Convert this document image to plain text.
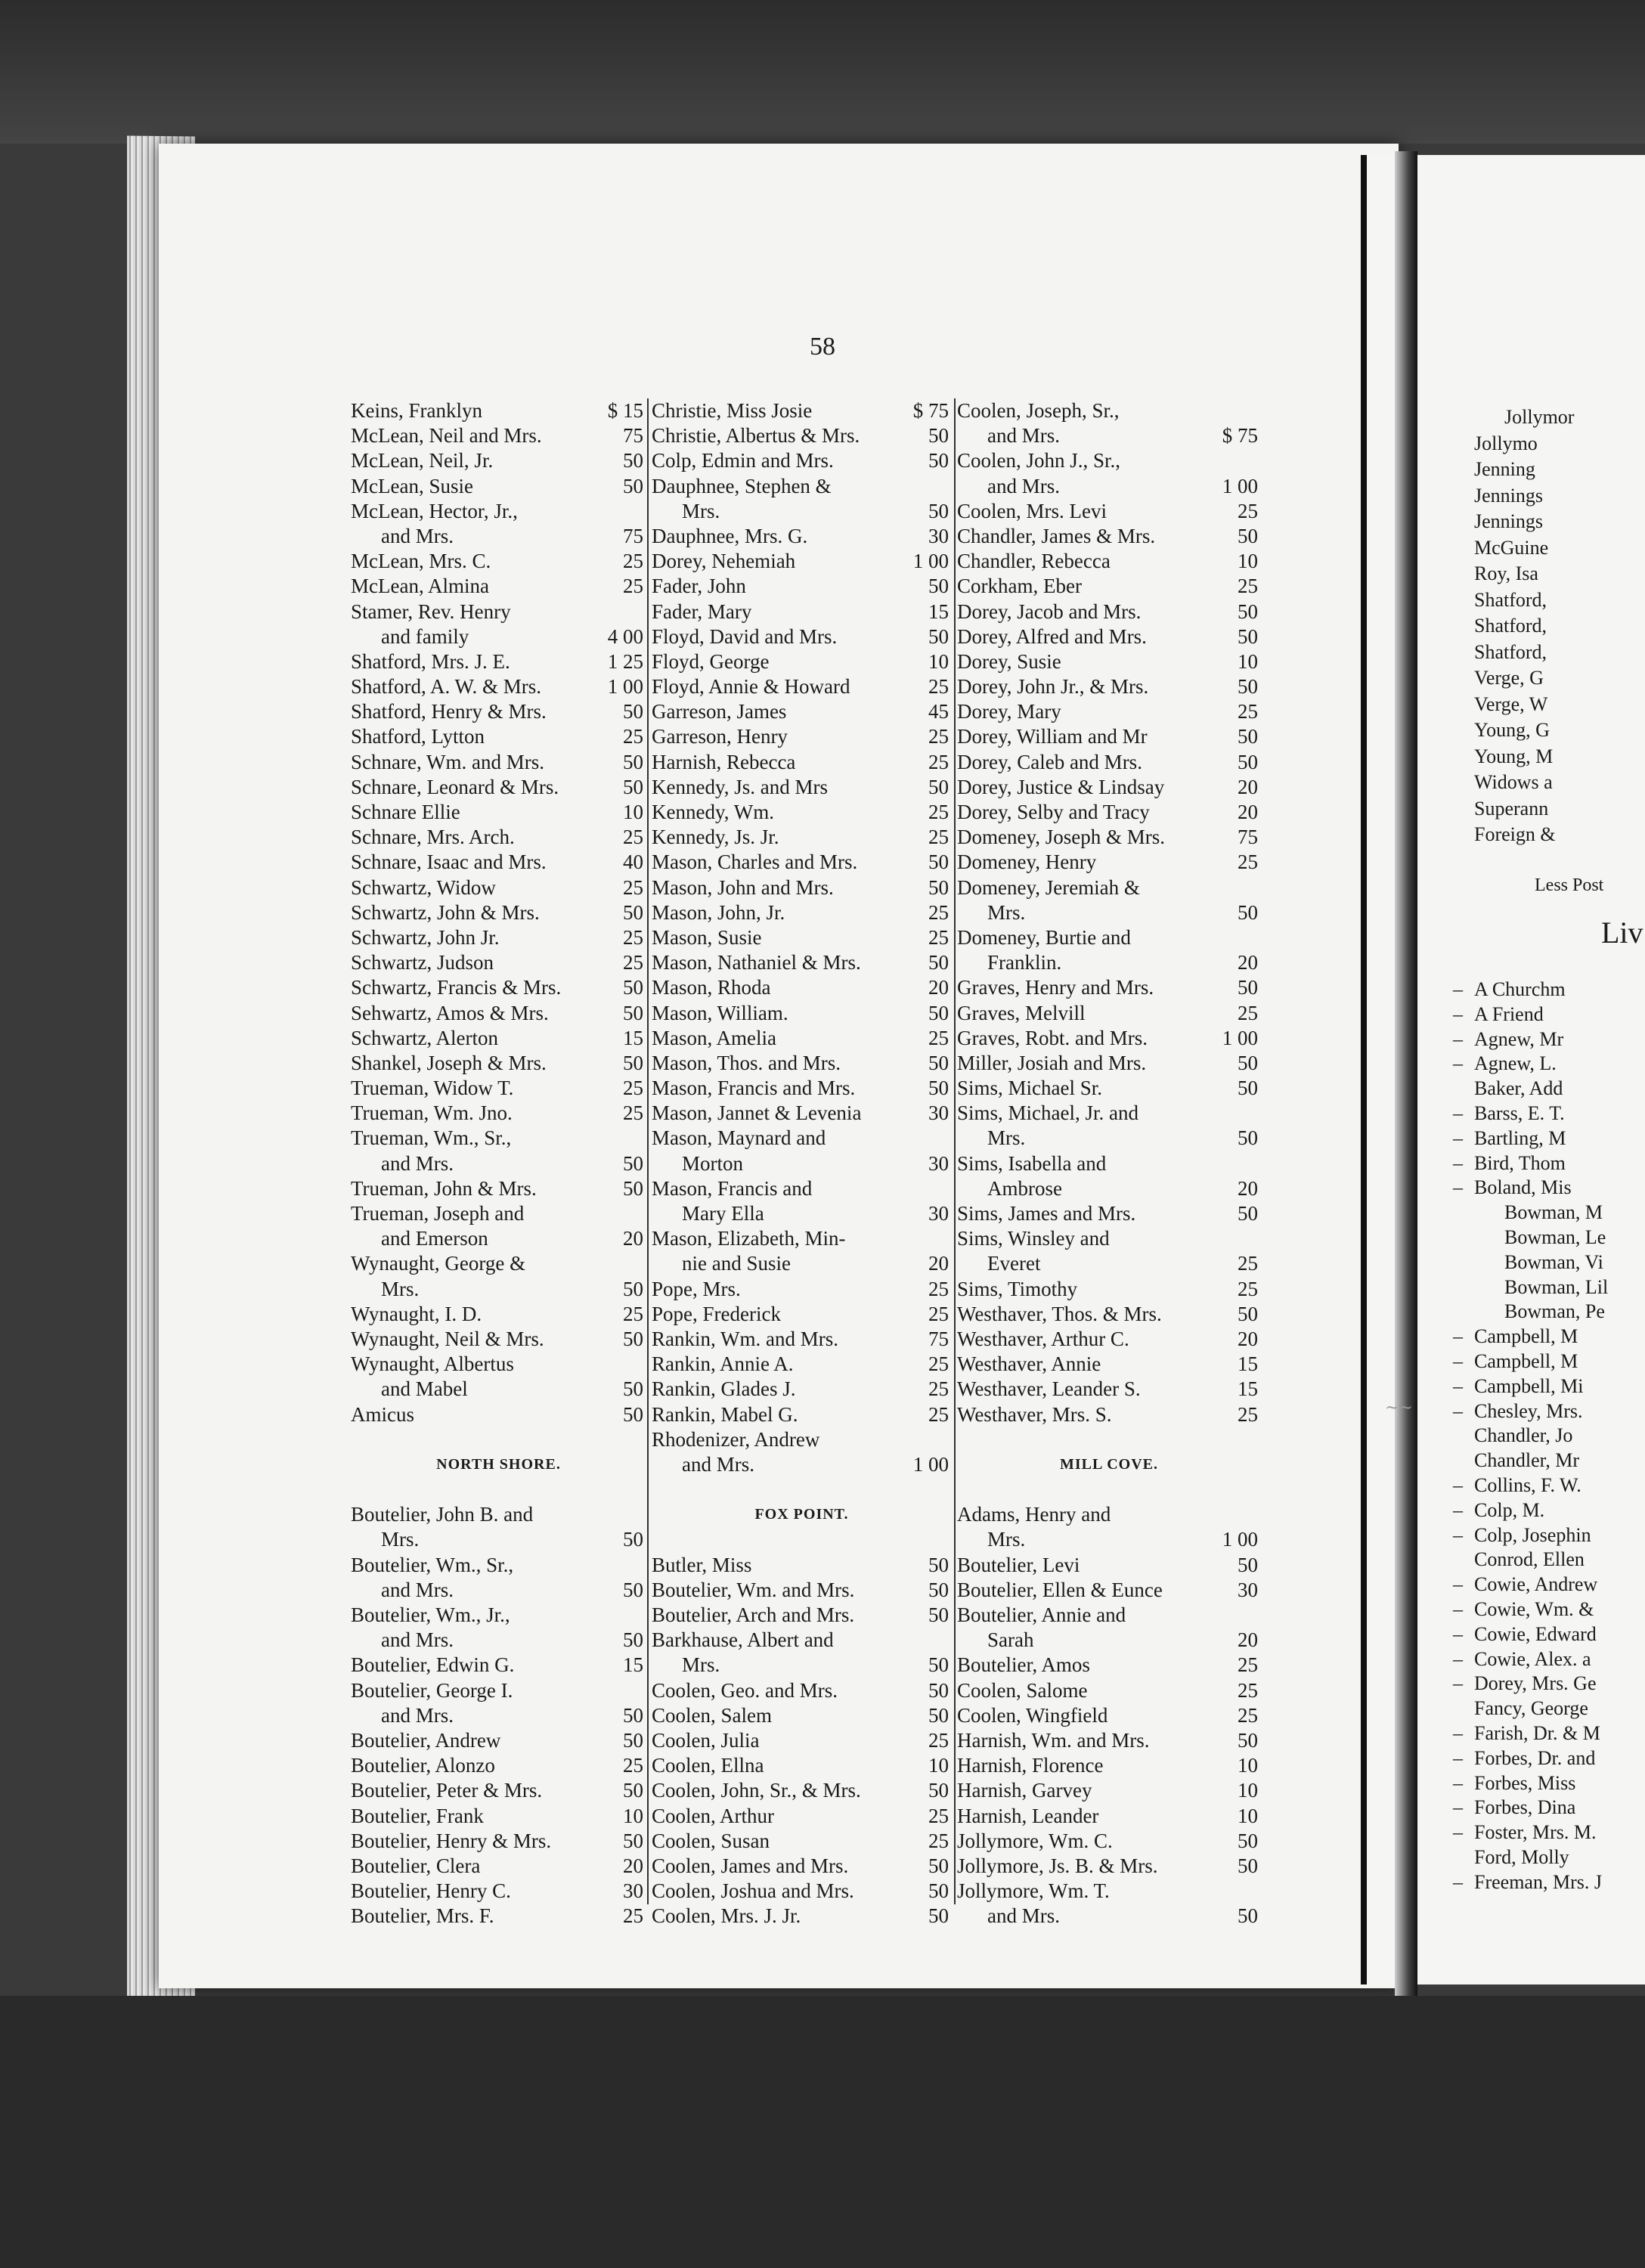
58
Keins, Franklyn	$ 15
McLean, Neil and Mrs.	75
McLean, Neil, Jr.	50
McLean, Susie	50
McLean, Hector, Jr.,
and Mrs.	75
McLean, Mrs. C.	25
McLean, Almina	25
Stamer, Rev. Henry
and family	4 00
Shatford, Mrs. J. E.	1 25
Shatford, A. W. & Mrs.	1 00
Shatford, Henry & Mrs.	50
Shatford, Lytton	25
Schnare, Wm. and Mrs.	50
Schnare, Leonard & Mrs.	50
Schnare Ellie	10
Schnare, Mrs. Arch.	25
Schnare, Isaac and Mrs.	40
Schwartz, Widow	25
Schwartz, John & Mrs.	50
Schwartz, John Jr.	25
Schwartz, Judson	25
Schwartz, Francis & Mrs.	50
Sehwartz, Amos & Mrs.	50
Schwartz, Alerton	15
Shankel, Joseph & Mrs.	50
Trueman, Widow T.	25
Trueman, Wm. Jno.	25
Trueman, Wm., Sr.,
and Mrs.	50
Trueman, John & Mrs.	50
Trueman, Joseph and
and Emerson	20
Wynaught, George &
Mrs.	50
Wynaught, I. D.	25
Wynaught, Neil & Mrs.	50
Wynaught, Albertus
and Mabel	50
Amicus	50
NORTH SHORE.
Boutelier, John B. and
Mrs.	50
Boutelier, Wm., Sr.,
and Mrs.	50
Boutelier, Wm., Jr.,
and Mrs.	50
Boutelier, Edwin G.	15
Boutelier, George I.
and Mrs.	50
Boutelier, Andrew	50
Boutelier, Alonzo	25
Boutelier, Peter & Mrs.	50
Boutelier, Frank	10
Boutelier, Henry & Mrs.	50
Boutelier, Clera	20
Boutelier, Henry C.	30
Boutelier, Mrs. F.	25
Christie, Miss Josie	$ 75
Christie, Albertus & Mrs.	50
Colp, Edmin and Mrs.	50
Dauphnee, Stephen &
Mrs.	50
Dauphnee, Mrs. G.	30
Dorey, Nehemiah	1 00
Fader, John	50
Fader, Mary	15
Floyd, David and Mrs.	50
Floyd, George	10
Floyd, Annie & Howard	25
Garreson, James	45
Garreson, Henry	25
Harnish, Rebecca	25
Kennedy, Js. and Mrs	50
Kennedy, Wm.	25
Kennedy, Js. Jr.	25
Mason, Charles and Mrs.	50
Mason, John and Mrs.	50
Mason, John, Jr.	25
Mason, Susie	25
Mason, Nathaniel & Mrs.	50
Mason, Rhoda	20
Mason, William.	50
Mason, Amelia	25
Mason, Thos. and Mrs.	50
Mason, Francis and Mrs.	50
Mason, Jannet & Levenia	30
Mason, Maynard and
Morton	30
Mason, Francis and
Mary Ella	30
Mason, Elizabeth, Min-
nie and Susie	20
Pope, Mrs.	25
Pope, Frederick	25
Rankin, Wm. and Mrs.	75
Rankin, Annie A.	25
Rankin, Glades J.	25
Rankin, Mabel G.	25
Rhodenizer, Andrew
and Mrs.	1 00
FOX POINT.
Butler, Miss	50
Boutelier, Wm. and Mrs.	50
Boutelier, Arch and Mrs.	50
Barkhause, Albert and
Mrs.	50
Coolen, Geo. and Mrs.	50
Coolen, Salem	50
Coolen, Julia	25
Coolen, Ellna	10
Coolen, John, Sr., & Mrs.	50
Coolen, Arthur	25
Coolen, Susan	25
Coolen, James and Mrs.	50
Coolen, Joshua and Mrs.	50
Coolen, Mrs. J. Jr.	50
Coolen, Joseph, Sr.,
and Mrs.	$ 75
Coolen, John J., Sr.,
and Mrs.	1 00
Coolen, Mrs. Levi	25
Chandler, James & Mrs.	50
Chandler, Rebecca	10
Corkham, Eber	25
Dorey, Jacob and Mrs.	50
Dorey, Alfred and Mrs.	50
Dorey, Susie	10
Dorey, John Jr., & Mrs.	50
Dorey, Mary	25
Dorey, William and Mr	50
Dorey, Caleb and Mrs.	50
Dorey, Justice & Lindsay	20
Dorey, Selby and Tracy	20
Domeney, Joseph & Mrs.	75
Domeney, Henry	25
Domeney, Jeremiah &
Mrs.	50
Domeney, Burtie and
Franklin.	20
Graves, Henry and Mrs.	50
Graves, Melvill	25
Graves, Robt. and Mrs.	1 00
Miller, Josiah and Mrs.	50
Sims, Michael Sr.	50
Sims, Michael, Jr. and
Mrs.	50
Sims, Isabella and
Ambrose	20
Sims, James and Mrs.	50
Sims, Winsley and
Everet	25
Sims, Timothy	25
Westhaver, Thos. & Mrs.	50
Westhaver, Arthur C.	20
Westhaver, Annie	15
Westhaver, Leander S.	15
Westhaver, Mrs. S.	25
MILL COVE.
Adams, Henry and
Mrs.	1 00
Boutelier, Levi	50
Boutelier, Ellen & Eunce	30
Boutelier, Annie and
Sarah	20
Boutelier, Amos	25
Coolen, Salome	25
Coolen, Wingfield	25
Harnish, Wm. and Mrs.	50
Harnish, Florence	10
Harnish, Garvey	10
Harnish, Leander	10
Jollymore, Wm. C.	50
Jollymore, Js. B. & Mrs.	50
Jollymore, Wm. T.
and Mrs.	50
Jollymor
Jollymo
Jenning
Jennings
Jennings
McGuine
Roy, Isa
Shatford,
Shatford,
Shatford,
Verge, G
Verge, W
Young, G
Young, M
Widows a
Superann
Foreign &
Less Post
Liv
– A Churchm
– A Friend
– Agnew, Mr
– Agnew, L.
Baker, Add
– Barss, E. T.
– Bartling, M
– Bird, Thom
– Boland, Mis
Bowman, M
Bowman, Le
Bowman, Vi
Bowman, Lil
Bowman, Pe
– Campbell, M
– Campbell, M
– Campbell, Mi
– Chesley, Mrs.
Chandler, Jo
Chandler, Mr
– Collins, F. W.
– Colp, M.
– Colp, Josephin
Conrod, Ellen
– Cowie, Andrew
– Cowie, Wm. &
– Cowie, Edward
– Cowie, Alex. a
– Dorey, Mrs. Ge
Fancy, George
– Farish, Dr. & M
– Forbes, Dr. and
– Forbes, Miss
– Forbes, Dina
– Foster, Mrs. M.
Ford, Molly
– Freeman, Mrs. J
~~
